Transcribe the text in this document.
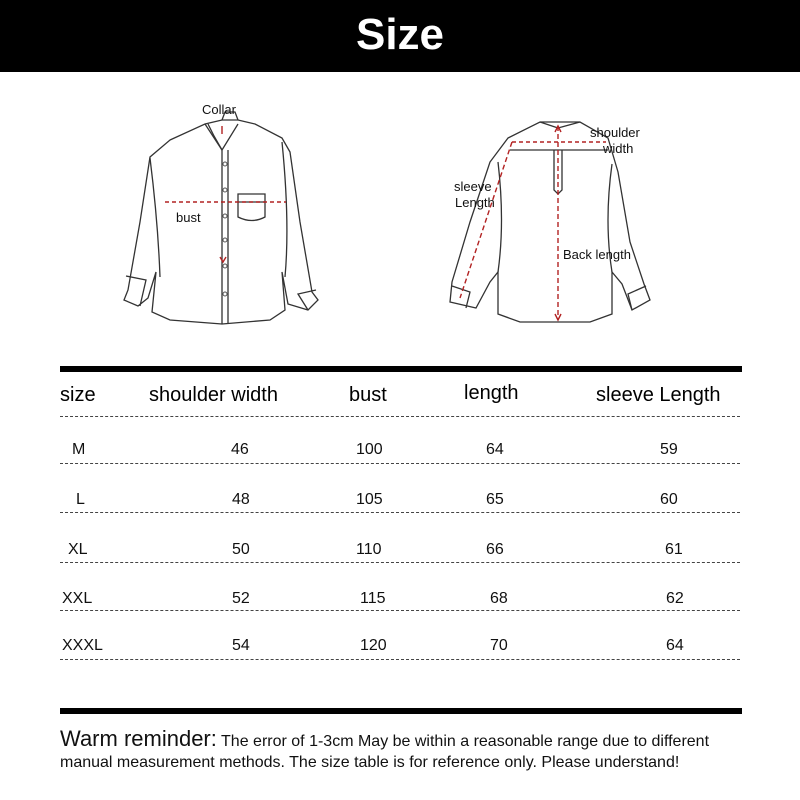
Size
Collar
bust
shoulder
width
sleeve
Length
Back length
size	shoulder width	bust	length	sleeve Length
M	46	100	64	59
L	48	105	65	60
XL	50	110	66	61
XXL	52	115	68	62
XXXL	54	120	70	64
Warm reminder: The error of 1-3cm May be within a reasonable range due to different manual measurement methods. The size table is for reference only. Please understand!
